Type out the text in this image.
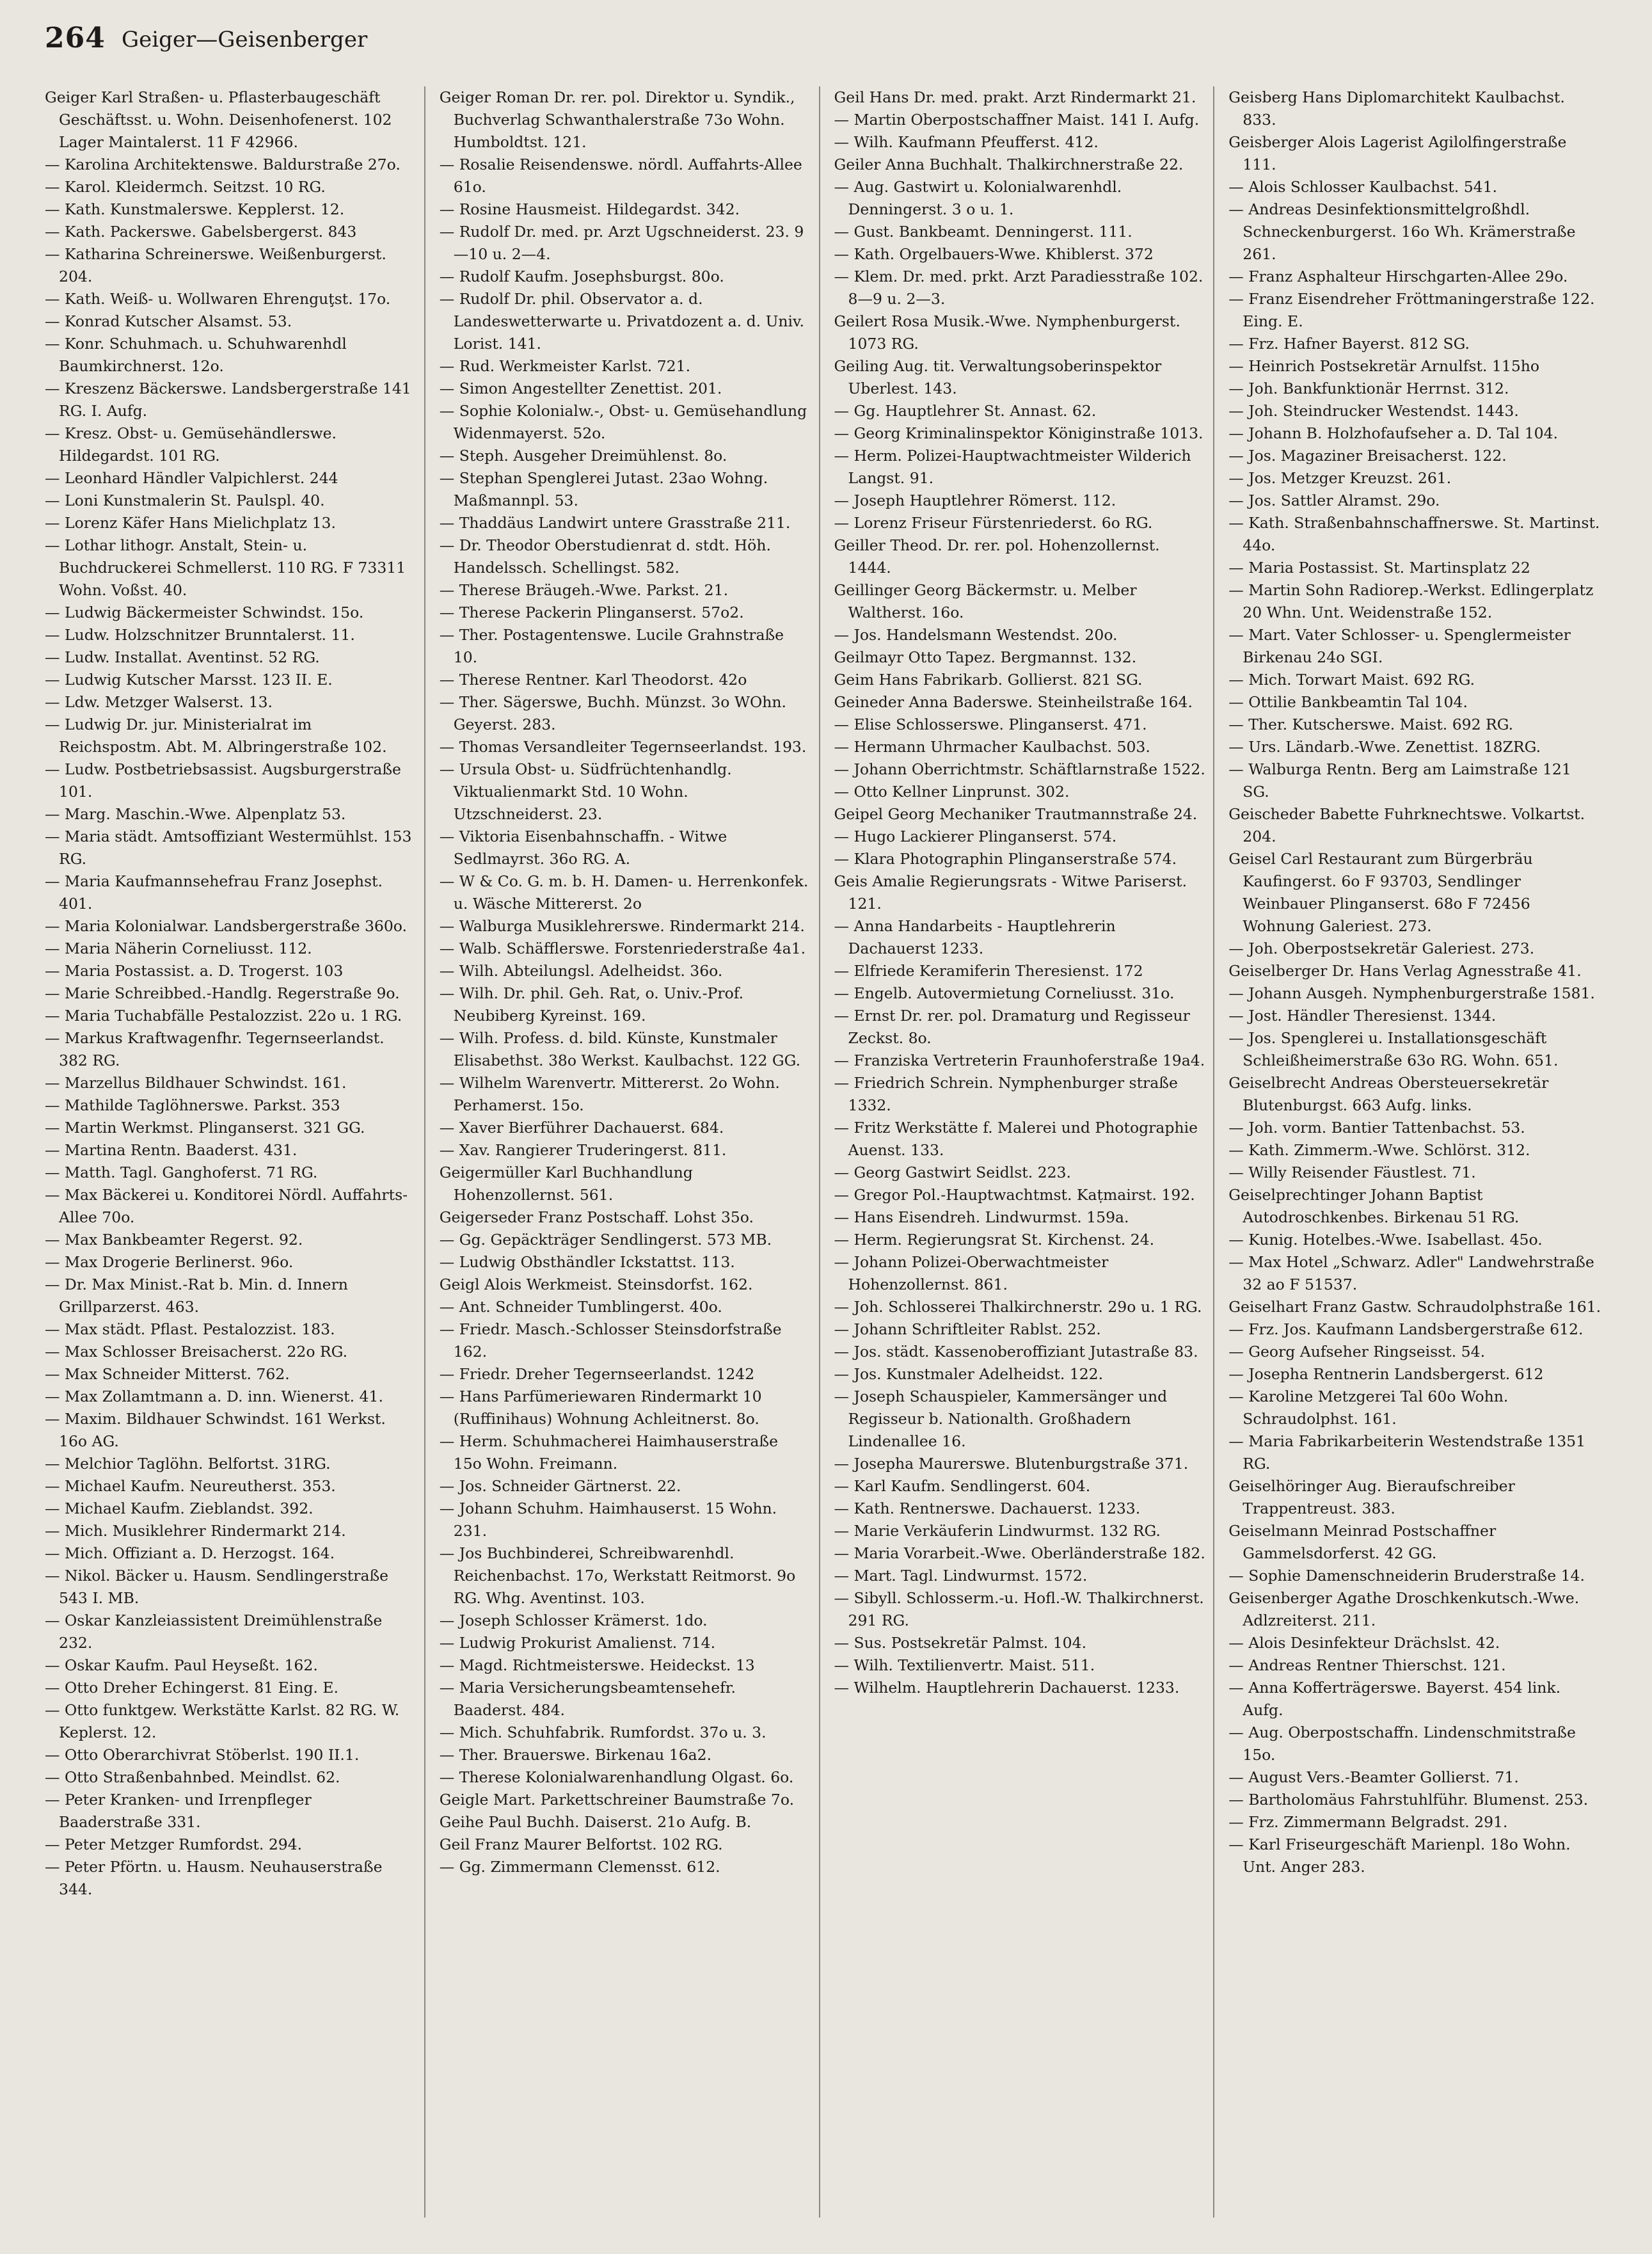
264 Geiger—Geisenberger
Geiger Karl Straßen- u. Pflasterbaugeschäft Geschäftsst. u. Wohn. Deisenhofenerst. 102 Lager Maintalerst. 11 F 42966.
— Karolina Architektenswe. Baldurstraße 27o.
— Karol. Kleidermch. Seitzst. 10 RG.
— Kath. Kunstmalerswe. Kepplerst. 12.
— Kath. Packerswe. Gabelsbergerst. 843
— Katharina Schreinerswe. Weißenburgerst. 204.
— Kath. Weiß- u. Wollwaren Ehrenguţst. 17o.
— Konrad Kutscher Alsamst. 53.
— Konr. Schuhmach. u. Schuhwarenhdl Baumkirchnerst. 12o.
— Kreszenz Bäckerswe. Landsbergerstraße 141 RG. I. Aufg.
— Kresz. Obst- u. Gemüsehändlerswe. Hildegardst. 101 RG.
— Leonhard Händler Valpichlerst. 244
— Loni Kunstmalerin St. Paulspl. 40.
— Lorenz Käfer Hans Mielichplatz 13.
— Lothar lithogr. Anstalt, Stein- u. Buchdruckerei Schmellerst. 110 RG. F 73311 Wohn. Voßst. 40.
— Ludwig Bäckermeister Schwindst. 15o.
— Ludw. Holzschnitzer Brunntalerst. 11.
— Ludw. Installat. Aventinst. 52 RG.
— Ludwig Kutscher Marsst. 123 II. E.
— Ldw. Metzger Walserst. 13.
— Ludwig Dr. jur. Ministerialrat im Reichspostm. Abt. M. Albringerstraße 102.
— Ludw. Postbetriebsassist. Augsburgerstraße 101.
— Marg. Maschin.-Wwe. Alpenplatz 53.
— Maria städt. Amtsoffiziant Westermühlst. 153 RG.
— Maria Kaufmannsehefrau Franz Josephst. 401.
— Maria Kolonialwar. Landsbergerstraße 360o.
— Maria Näherin Corneliusst. 112.
— Maria Postassist. a. D. Trogerst. 103
— Marie Schreibbed.-Handlg. Regerstraße 9o.
— Maria Tuchabfälle Pestalozzist. 22o u. 1 RG.
— Markus Kraftwagenfhr. Tegernseerlandst. 382 RG.
— Marzellus Bildhauer Schwindst. 161.
— Mathilde Taglöhnerswe. Parkst. 353
— Martin Werkmst. Plinganserst. 321 GG.
— Martina Rentn. Baaderst. 431.
— Matth. Tagl. Ganghoferst. 71 RG.
— Max Bäckerei u. Konditorei Nördl. Auffahrts-Allee 70o.
— Max Bankbeamter Regerst. 92.
— Max Drogerie Berlinerst. 96o.
— Dr. Max Minist.-Rat b. Min. d. Innern Grillparzerst. 463.
— Max städt. Pflast. Pestalozzist. 183.
— Max Schlosser Breisacherst. 22o RG.
— Max Schneider Mitterst. 762.
— Max Zollamtmann a. D. inn. Wienerst. 41.
— Maxim. Bildhauer Schwindst. 161 Werkst. 16o AG.
— Melchior Taglöhn. Belfortst. 31RG.
— Michael Kaufm. Neureutherst. 353.
— Michael Kaufm. Zieblandst. 392.
— Mich. Musiklehrer Rindermarkt 214.
— Mich. Offiziant a. D. Herzogst. 164.
— Nikol. Bäcker u. Hausm. Sendlingerstraße 543 I. MB.
— Oskar Kanzleiassistent Dreimühlenstraße 232.
— Oskar Kaufm. Paul Heyseßt. 162.
— Otto Dreher Echingerst. 81 Eing. E.
— Otto funktgew. Werkstätte Karlst. 82 RG. W. Keplerst. 12.
— Otto Oberarchivrat Stöberlst. 190 II.1.
— Otto Straßenbahnbed. Meindlst. 62.
— Peter Kranken- und Irrenpfleger Baaderstraße 331.
— Peter Metzger Rumfordst. 294.
— Peter Pförtn. u. Hausm. Neuhauserstraße 344.
Geiger Roman Dr. rer. pol. Direktor u. Syndik., Buchverlag Schwanthalerstraße 73o Wohn. Humboldtst. 121.
— Rosalie Reisendenswe. nördl. Auffahrts-Allee 61o.
— Rosine Hausmeist. Hildegardst. 342.
— Rudolf Dr. med. pr. Arzt Ugschneiderst. 23. 9—10 u. 2—4.
— Rudolf Kaufm. Josephsburgst. 80o.
— Rudolf Dr. phil. Observator a. d. Landeswetterwarte u. Privatdozent a. d. Univ. Lorist. 141.
— Rud. Werkmeister Karlst. 721.
— Simon Angestellter Zenettist. 201.
— Sophie Kolonialw.-, Obst- u. Gemüsehandlung Widenmayerst. 52o.
— Steph. Ausgeher Dreimühlenst. 8o.
— Stephan Spenglerei Jutast. 23ao Wohng. Maßmannpl. 53.
— Thaddäus Landwirt untere Grasstraße 211.
— Dr. Theodor Oberstudienrat d. stdt. Höh. Handelssch. Schellingst. 582.
— Therese Bräugeh.-Wwe. Parkst. 21.
— Therese Packerin Plinganserst. 57o2.
— Ther. Postagentenswe. Lucile Grahnstraße 10.
— Therese Rentner. Karl Theodorst. 42o
— Ther. Sägerswe, Buchh. Münzst. 3o WOhn. Geyerst. 283.
— Thomas Versandleiter Tegernseerlandst. 193.
— Ursula Obst- u. Südfrüchtenhandlg. Viktualienmarkt Std. 10 Wohn. Utzschneiderst. 23.
— Viktoria Eisenbahnschaffn. - Witwe Sedlmayrst. 36o RG. A.
— W & Co. G. m. b. H. Damen- u. Herrenkonfek. u. Wäsche Mittererst. 2o
— Walburga Musiklehrerswe. Rindermarkt 214.
— Walb. Schäfflerswe. Forstenriederstraße 4a1.
— Wilh. Abteilungsl. Adelheidst. 36o.
— Wilh. Dr. phil. Geh. Rat, o. Univ.-Prof. Neubiberg Kyreinst. 169.
— Wilh. Profess. d. bild. Künste, Kunstmaler Elisabethst. 38o Werkst. Kaulbachst. 122 GG.
— Wilhelm Warenvertr. Mittererst. 2o Wohn. Perhamerst. 15o.
— Xaver Bierführer Dachauerst. 684.
— Xav. Rangierer Truderingerst. 811.
Geigermüller Karl Buchhandlung Hohenzollernst. 561.
Geigerseder Franz Postschaff. Lohst 35o.
— Gg. Gepäckträger Sendlingerst. 573 MB.
— Ludwig Obsthändler Ickstattst. 113.
Geigl Alois Werkmeist. Steinsdorfst. 162.
— Ant. Schneider Tumblingerst. 40o.
— Friedr. Masch.-Schlosser Steinsdorfstraße 162.
— Friedr. Dreher Tegernseerlandst. 1242
— Hans Parfümeriewaren Rindermarkt 10 (Ruffinihaus) Wohnung Achleitnerst. 8o.
— Herm. Schuhmacherei Haimhauserstraße 15o Wohn. Freimann.
— Jos. Schneider Gärtnerst. 22.
— Johann Schuhm. Haimhauserst. 15 Wohn. 231.
— Jos Buchbinderei, Schreibwarenhdl. Reichenbachst. 17o, Werkstatt Reitmorst. 9o RG. Whg. Aventinst. 103.
— Joseph Schlosser Krämerst. 1do.
— Ludwig Prokurist Amalienst. 714.
— Magd. Richtmeisterswe. Heideckst. 13
— Maria Versicherungsbeamtensehefr. Baaderst. 484.
— Mich. Schuhfabrik. Rumfordst. 37o u. 3.
— Ther. Brauerswe. Birkenau 16a2.
— Therese Kolonialwarenhandlung Olgast. 6o.
Geigle Mart. Parkettschreiner Baumstraße 7o.
Geihe Paul Buchh. Daiserst. 21o Aufg. B.
Geil Franz Maurer Belfortst. 102 RG.
— Gg. Zimmermann Clemensst. 612.
Geil Hans Dr. med. prakt. Arzt Rindermarkt 21.
— Martin Oberpostschaffner Maist. 141 I. Aufg.
— Wilh. Kaufmann Pfeufferst. 412.
Geiler Anna Buchhalt. Thalkirchnerstraße 22.
— Aug. Gastwirt u. Kolonialwarenhdl. Denningerst. 3 o u. 1.
— Gust. Bankbeamt. Denningerst. 111.
— Kath. Orgelbauers-Wwe. Khiblerst. 372
— Klem. Dr. med. prkt. Arzt Paradiesstraße 102. 8—9 u. 2—3.
Geilert Rosa Musik.-Wwe. Nymphenburgerst. 1073 RG.
Geiling Aug. tit. Verwaltungsoberinspektor Uberlest. 143.
— Gg. Hauptlehrer St. Annast. 62.
— Georg Kriminalinspektor Königinstraße 1013.
— Herm. Polizei-Hauptwachtmeister Wilderich Langst. 91.
— Joseph Hauptlehrer Römerst. 112.
— Lorenz Friseur Fürstenriederst. 6o RG.
Geiller Theod. Dr. rer. pol. Hohenzollernst. 1444.
Geillinger Georg Bäckermstr. u. Melber Waltherst. 16o.
— Jos. Handelsmann Westendst. 20o.
Geilmayr Otto Tapez. Bergmannst. 132.
Geim Hans Fabrikarb. Gollierst. 821 SG.
Geineder Anna Baderswe. Steinheilstraße 164.
— Elise Schlosserswe. Plinganserst. 471.
— Hermann Uhrmacher Kaulbachst. 503.
— Johann Oberrichtmstr. Schäftlarnstraße 1522.
— Otto Kellner Linprunst. 302.
Geipel Georg Mechaniker Trautmannstraße 24.
— Hugo Lackierer Plinganserst. 574.
— Klara Photographin Plinganserstraße 574.
Geis Amalie Regierungsrats - Witwe Pariserst. 121.
— Anna Handarbeits - Hauptlehrerin Dachauerst 1233.
— Elfriede Keramiferin Theresienst. 172
— Engelb. Autovermietung Corneliusst. 31o.
— Ernst Dr. rer. pol. Dramaturg und Regisseur Zeckst. 8o.
— Franziska Vertreterin Fraunhoferstraße 19a4.
— Friedrich Schrein. Nymphenburger straße 1332.
— Fritz Werkstätte f. Malerei und Photographie Auenst. 133.
— Georg Gastwirt Seidlst. 223.
— Gregor Pol.-Hauptwachtmst. Kaṭmairst. 192.
— Hans Eisendreh. Lindwurmst. 159a.
— Herm. Regierungsrat St. Kirchenst. 24.
— Johann Polizei-Oberwachtmeister Hohenzollernst. 861.
— Joh. Schlosserei Thalkirchnerstr. 29o u. 1 RG.
— Johann Schriftleiter Rablst. 252.
— Jos. städt. Kassenoberoffiziant Jutastraße 83.
— Jos. Kunstmaler Adelheidst. 122.
— Joseph Schauspieler, Kammersänger und Regisseur b. Nationalth. Großhadern Lindenallee 16.
— Josepha Maurerswe. Blutenburgstraße 371.
— Karl Kaufm. Sendlingerst. 604.
— Kath. Rentnerswe. Dachauerst. 1233.
— Marie Verkäuferin Lindwurmst. 132 RG.
— Maria Vorarbeit.-Wwe. Oberländerstraße 182.
— Mart. Tagl. Lindwurmst. 1572.
— Sibyll. Schlosserm.-u. Hofl.-W. Thalkirchnerst. 291 RG.
— Sus. Postsekretär Palmst. 104.
— Wilh. Textilienvertr. Maist. 511.
— Wilhelm. Hauptlehrerin Dachauerst. 1233.
Geisberg Hans Diplomarchitekt Kaulbachst. 833.
Geisberger Alois Lagerist Agilolfingerstraße 111.
— Alois Schlosser Kaulbachst. 541.
— Andreas Desinfektionsmittelgroßhdl. Schneckenburgerst. 16o Wh. Krämerstraße 261.
— Franz Asphalteur Hirschgarten-Allee 29o.
— Franz Eisendreher Fröttmaningerstraße 122. Eing. E.
— Frz. Hafner Bayerst. 812 SG.
— Heinrich Postsekretär Arnulfst. 115ho
— Joh. Bankfunktionär Herrnst. 312.
— Joh. Steindrucker Westendst. 1443.
— Johann B. Holzhofaufseher a. D. Tal 104.
— Jos. Magaziner Breisacherst. 122.
— Jos. Metzger Kreuzst. 261.
— Jos. Sattler Alramst. 29o.
— Kath. Straßenbahnschaffnerswe. St. Martinst. 44o.
— Maria Postassist. St. Martinsplatz 22
— Martin Sohn Radiorep.-Werkst. Edlingerplatz 20 Whn. Unt. Weidenstraße 152.
— Mart. Vater Schlosser- u. Spenglermeister Birkenau 24o SGI.
— Mich. Torwart Maist. 692 RG.
— Ottilie Bankbeamtin Tal 104.
— Ther. Kutscherswe. Maist. 692 RG.
— Urs. Ländarb.-Wwe. Zenettist. 18ZRG.
— Walburga Rentn. Berg am Laimstraße 121 SG.
Geischeder Babette Fuhrknechtswe. Volkartst. 204.
Geisel Carl Restaurant zum Bürgerbräu Kaufingerst. 6o F 93703, Sendlinger Weinbauer Plinganserst. 68o F 72456 Wohnung Galeriest. 273.
— Joh. Oberpostsekretär Galeriest. 273.
Geiselberger Dr. Hans Verlag Agnesstraße 41.
— Johann Ausgeh. Nymphenburgerstraße 1581.
— Jost. Händler Theresienst. 1344.
— Jos. Spenglerei u. Installationsgeschäft Schleißheimerstraße 63o RG. Wohn. 651.
Geiselbrecht Andreas Obersteuersekretär Blutenburgst. 663 Aufg. links.
— Joh. vorm. Bantier Tattenbachst. 53.
— Kath. Zimmerm.-Wwe. Schlörst. 312.
— Willy Reisender Fäustlest. 71.
Geiselprechtinger Johann Baptist Autodroschkenbes. Birkenau 51 RG.
— Kunig. Hotelbes.-Wwe. Isabellast. 45o.
— Max Hotel „Schwarz. Adler" Landwehrstraße 32 ao F 51537.
Geiselhart Franz Gastw. Schraudolphstraße 161.
— Frz. Jos. Kaufmann Landsbergerstraße 612.
— Georg Aufseher Ringseisst. 54.
— Josepha Rentnerin Landsbergerst. 612
— Karoline Metzgerei Tal 60o Wohn. Schraudolphst. 161.
— Maria Fabrikarbeiterin Westendstraße 1351 RG.
Geiselhöringer Aug. Bieraufschreiber Trappentreust. 383.
Geiselmann Meinrad Postschaffner Gammelsdorferst. 42 GG.
— Sophie Damenschneiderin Bruderstraße 14.
Geisenberger Agathe Droschkenkutsch.-Wwe. Adlzreiterst. 211.
— Alois Desinfekteur Drächslst. 42.
— Andreas Rentner Thierschst. 121.
— Anna Kofferträgerswe. Bayerst. 454 link. Aufg.
— Aug. Oberpostschaffn. Lindenschmitstraße 15o.
— August Vers.-Beamter Gollierst. 71.
— Bartholomäus Fahrstuhlführ. Blumenst. 253.
— Frz. Zimmermann Belgradst. 291.
— Karl Friseurgeschäft Marienpl. 18o Wohn. Unt. Anger 283.
